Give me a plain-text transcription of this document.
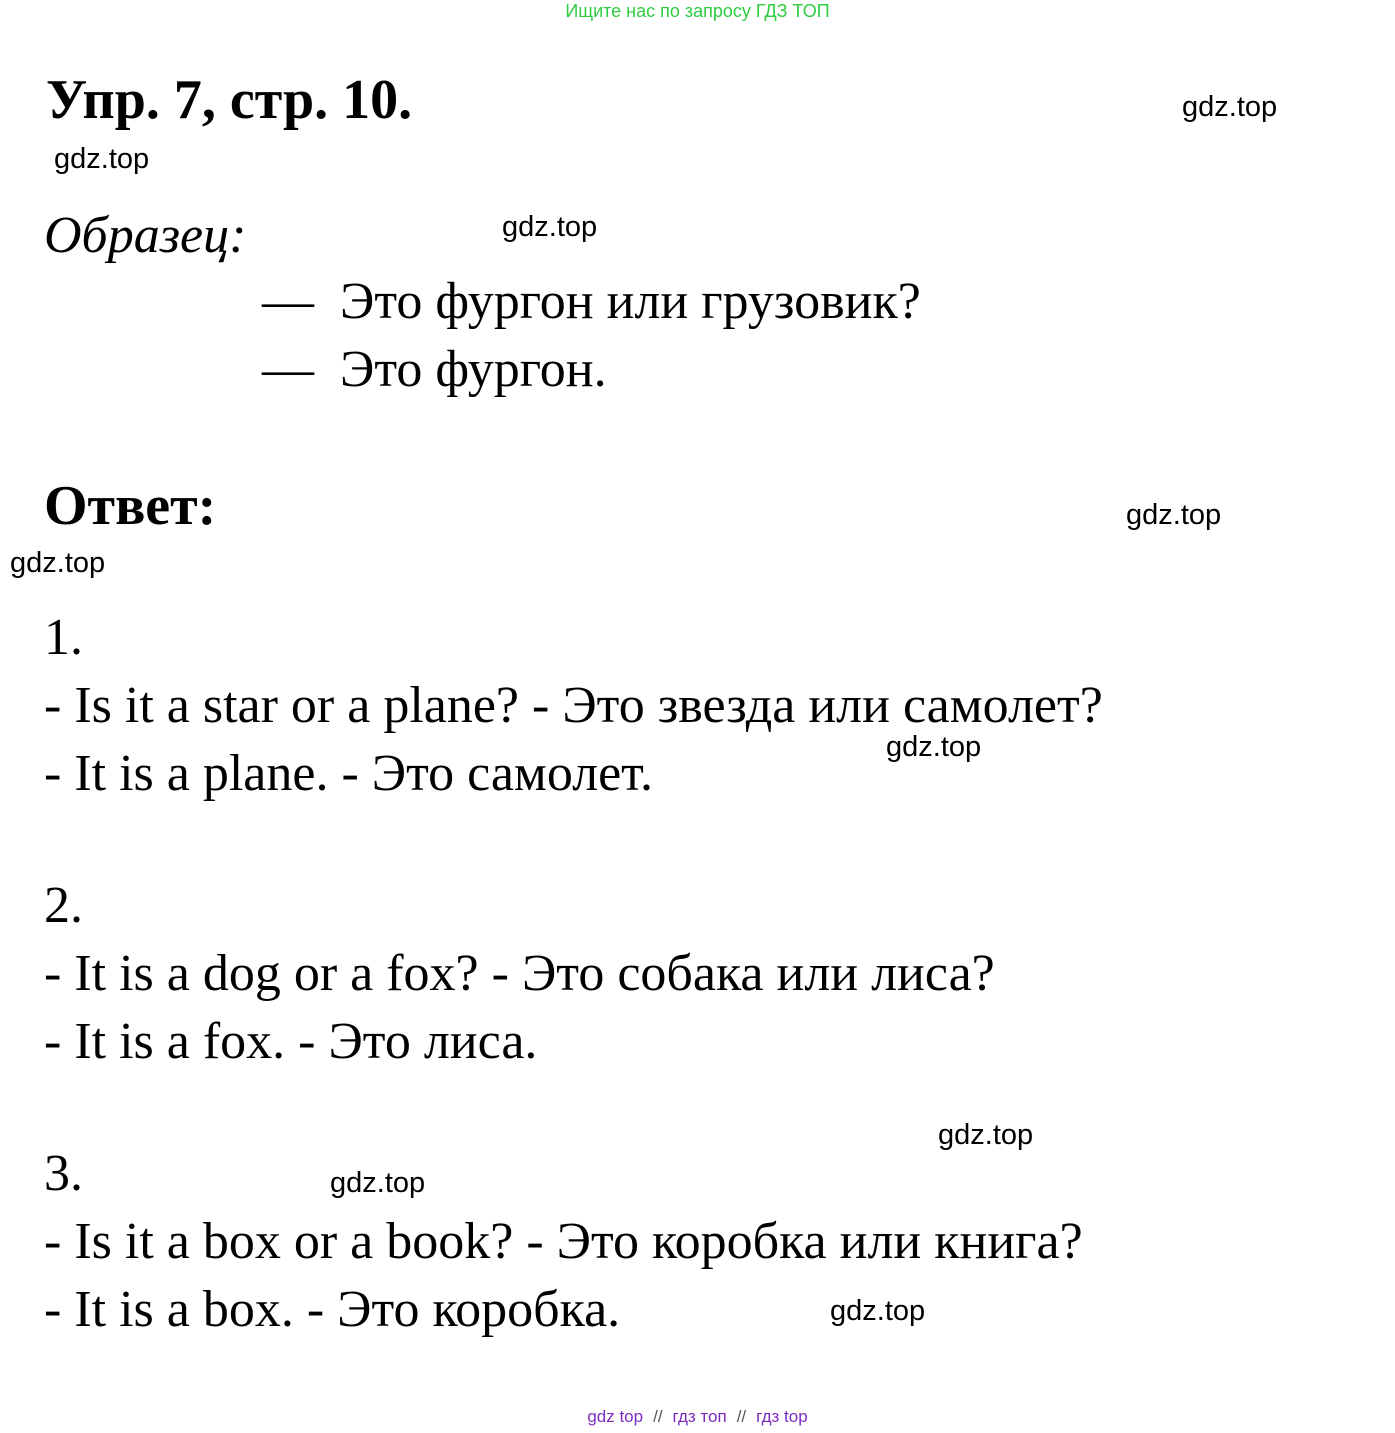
Ищите нас по запросу ГДЗ ТОП
Упр. 7, стр. 10.	gdz.top
gdz.top
Образец:	gdz.top
— Это фургон или грузовик?
— Это фургон.
Ответ:	gdz.top
gdz.top
1.
- Is it a star or a plane? - Это звезда или самолет?
- It is a plane. - Это самолет.	gdz.top
2.
- It is a dog or a fox? - Это собака или лиса?
- It is a fox. - Это лиса.
gdz.top
3.	gdz.top
- Is it a box or a book? - Это коробка или книга?
- It is a box. - Это коробка.	gdz.top
gdz top // гдз топ // гдз top
